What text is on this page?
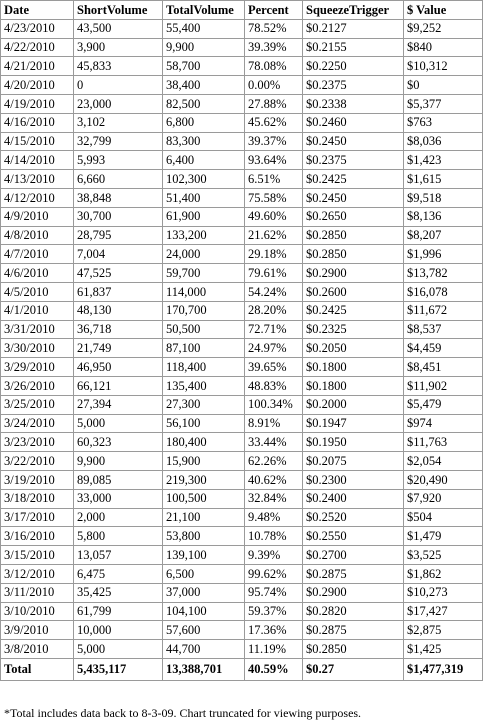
Date	ShortVolume	TotalVolume	Percent	SqueezeTrigger	$ Value
4/23/2010	43,500	55,400	78.52%	$0.2127	$9,252
4/22/2010	3,900	9,900	39.39%	$0.2155	$840
4/21/2010	45,833	58,700	78.08%	$0.2250	$10,312
4/20/2010	0	38,400	0.00%	$0.2375	$0
4/19/2010	23,000	82,500	27.88%	$0.2338	$5,377
4/16/2010	3,102	6,800	45.62%	$0.2460	$763
4/15/2010	32,799	83,300	39.37%	$0.2450	$8,036
4/14/2010	5,993	6,400	93.64%	$0.2375	$1,423
4/13/2010	6,660	102,300	6.51%	$0.2425	$1,615
4/12/2010	38,848	51,400	75.58%	$0.2450	$9,518
4/9/2010	30,700	61,900	49.60%	$0.2650	$8,136
4/8/2010	28,795	133,200	21.62%	$0.2850	$8,207
4/7/2010	7,004	24,000	29.18%	$0.2850	$1,996
4/6/2010	47,525	59,700	79.61%	$0.2900	$13,782
4/5/2010	61,837	114,000	54.24%	$0.2600	$16,078
4/1/2010	48,130	170,700	28.20%	$0.2425	$11,672
3/31/2010	36,718	50,500	72.71%	$0.2325	$8,537
3/30/2010	21,749	87,100	24.97%	$0.2050	$4,459
3/29/2010	46,950	118,400	39.65%	$0.1800	$8,451
3/26/2010	66,121	135,400	48.83%	$0.1800	$11,902
3/25/2010	27,394	27,300	100.34%	$0.2000	$5,479
3/24/2010	5,000	56,100	8.91%	$0.1947	$974
3/23/2010	60,323	180,400	33.44%	$0.1950	$11,763
3/22/2010	9,900	15,900	62.26%	$0.2075	$2,054
3/19/2010	89,085	219,300	40.62%	$0.2300	$20,490
3/18/2010	33,000	100,500	32.84%	$0.2400	$7,920
3/17/2010	2,000	21,100	9.48%	$0.2520	$504
3/16/2010	5,800	53,800	10.78%	$0.2550	$1,479
3/15/2010	13,057	139,100	9.39%	$0.2700	$3,525
3/12/2010	6,475	6,500	99.62%	$0.2875	$1,862
3/11/2010	35,425	37,000	95.74%	$0.2900	$10,273
3/10/2010	61,799	104,100	59.37%	$0.2820	$17,427
3/9/2010	10,000	57,600	17.36%	$0.2875	$2,875
3/8/2010	5,000	44,700	11.19%	$0.2850	$1,425
Total	5,435,117	13,388,701	40.59%	$0.27	$1,477,319
*Total includes data back to 8-3-09. Chart truncated for viewing purposes.
